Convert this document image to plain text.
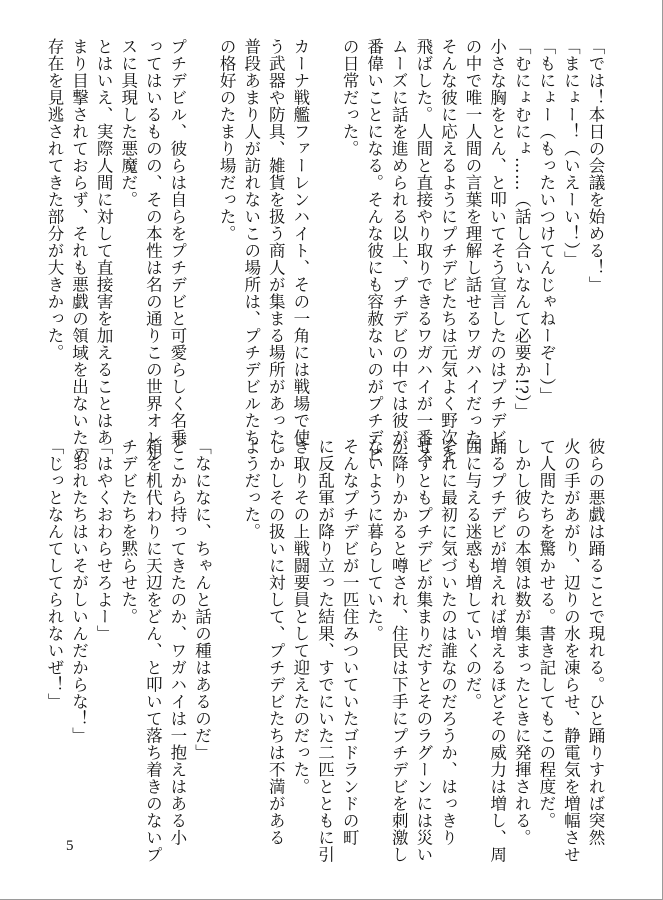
「では！本日の会議を始める！」

「まにょー！（いえーい！）」

「もにょー（もったいつけてんじゃねーぞー）」

「むにょむにょ……（話し合いなんて必要か!?）」

小さな胸をとん、と叩いてそう宣言したのはプチデビ

の中で唯一人間の言葉を理解し話せるワガハイだった。

そんな彼に応えるようにプチデビたちは元気よく野次を

飛ばした。人間と直接やり取りできるワガハイが一番ス

ムーズに話を進められる以上、プチデビの中では彼が一

番偉いことになる。そんな彼にも容赦ないのがプチデビ

の日常だった。

カーナ戦艦ファーレンハイト、その一角には戦場で使

う武器や防具、雑貨を扱う商人が集まる場所があった。

普段あまり人が訪れないこの場所は、プチデビルたち

の格好のたまり場だった。

プチデビル、彼らは自らをプチデビと可愛らしく名乗

ってはいるものの、その本性は名の通りこの世界オレル

スに具現した悪魔だ。

とはいえ、実際人間に対して直接害を加えることはあ

まり目撃されておらず、それも悪戯の領域を出ないため

存在を見逃されてきた部分が大きかった。

彼らの悪戯は踊ることで現れる。ひと踊りすれば突然

火の手があがり、辺りの水を凍らせ、静電気を増幅させ

て人間たちを驚かせる。書き記してもこの程度だ。

しかし彼らの本領は数が集まったときに発揮される。

踊るプチデビが増えれば増えるほどその威力は増し、周

囲に与える迷惑も増していくのだ。

それに最初に気づいたのは誰なのだろうか、はっきり

せずともプチデビが集まりだすとそのラグーンには災い

が降りかかると噂され、住民は下手にプチデビを刺激し

ないように暮らしていた。

そんなプチデビが一匹住みついていたゴドランドの町

に反乱軍が降り立った結果、すでにいた二匹とともに引

き取りその上戦闘要員として迎えたのだった。

しかしその扱いに対して、プチデビたちは不満がある

ようだった。

「なになに、ちゃんと話の種はあるのだ」

どこから持ってきたのか、ワガハイは一抱えはある小

箱を机代わりに天辺をどん、と叩いて落ち着きのないプ

チデビたちを黙らせた。

「はやくおわらせろよー」

「おれたちはいそがしいんだからな！」

「じっとなんてしてられないぜ！」

5
